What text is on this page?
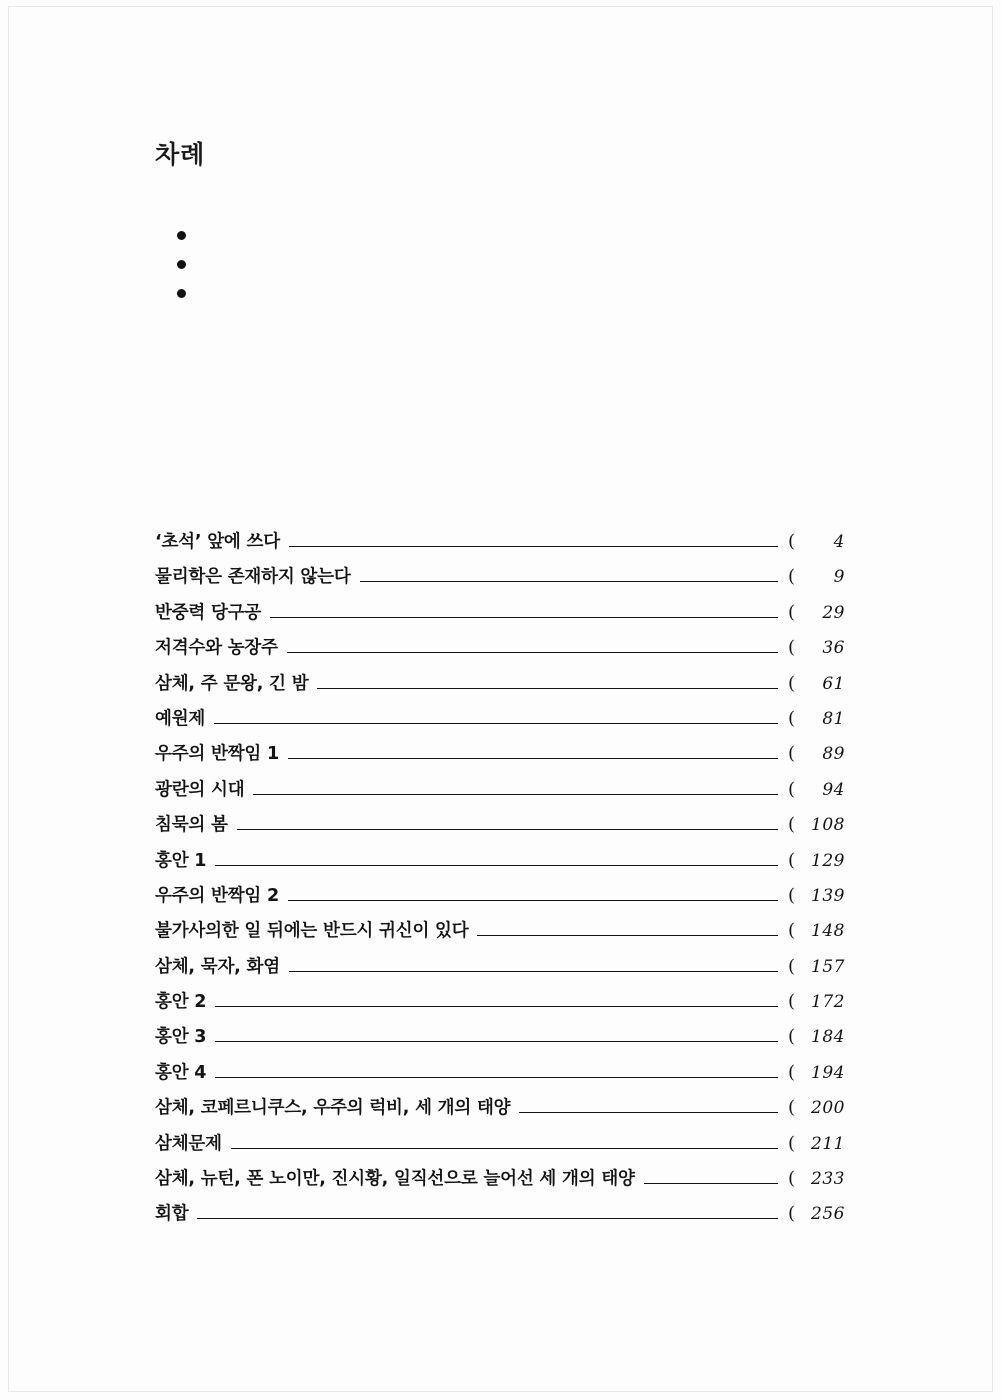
차례
‘초석’ 앞에 쓰다	(	4
물리학은 존재하지 않는다	(	9
반중력 당구공	(	29
저격수와 농장주	(	36
삼체, 주 문왕, 긴 밤	(	61
예원제	(	81
우주의 반짝임 1	(	89
광란의 시대	(	94
침묵의 봄	( 108
홍안 1	( 129
우주의 반짝임 2	( 139
불가사의한 일 뒤에는 반드시 귀신이 있다	( 148
삼체, 묵자, 화염	( 157
홍안 2	( 172
홍안 3	( 184
홍안 4	( 194
삼체, 코페르니쿠스, 우주의 럭비, 세 개의 태양	( 200
삼체문제	( 211
삼체, 뉴턴, 폰 노이만, 진시황, 일직선으로 늘어선 세 개의 태양	( 233
회합	( 256
